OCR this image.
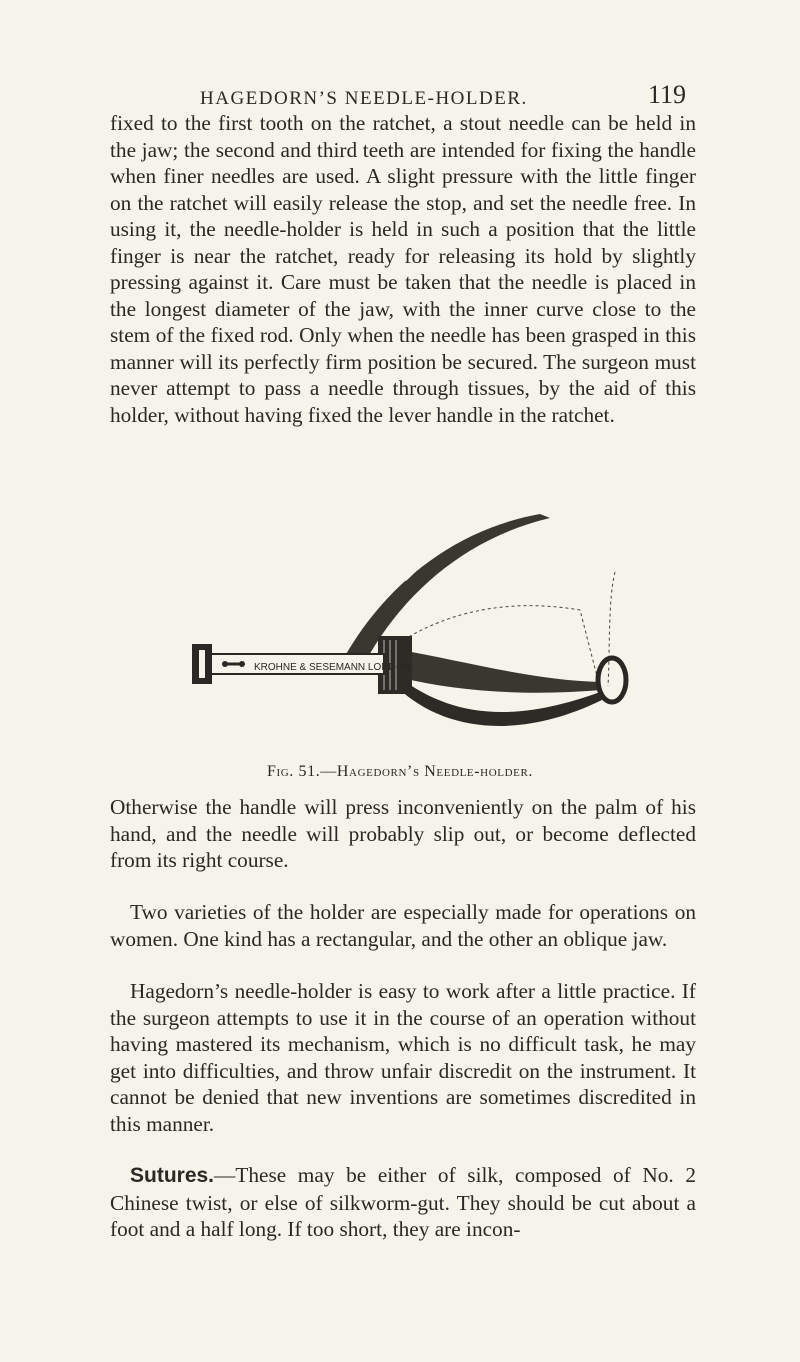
HAGEDORN’S NEEDLE-HOLDER.	119

fixed to the first tooth on the ratchet, a stout needle can be held in the jaw; the second and third teeth are intended for fixing the handle when finer needles are used. A slight pressure with the little finger on the ratchet will easily release the stop, and set the needle free. In using it, the needle-holder is held in such a position that the little finger is near the ratchet, ready for releasing its hold by slightly pressing against it. Care must be taken that the needle is placed in the longest diameter of the jaw, with the inner curve close to the stem of the fixed rod. Only when the needle has been grasped in this manner will its perfectly firm position be secured. The surgeon must never attempt to pass a needle through tissues, by the aid of this holder, without having fixed the lever handle in the ratchet.

KROHNE & SESEMANN LONDON
Fig. 51.—Hagedorn’s Needle-holder.

Otherwise the handle will press inconveniently on the palm of his hand, and the needle will probably slip out, or become deflected from its right course.

Two varieties of the holder are especially made for operations on women. One kind has a rectangular, and the other an oblique jaw.

Hagedorn’s needle-holder is easy to work after a little practice. If the surgeon attempts to use it in the course of an operation without having mastered its mechanism, which is no difficult task, he may get into difficulties, and throw unfair discredit on the instrument. It cannot be denied that new inventions are sometimes discredited in this manner.

Sutures.—These may be either of silk, composed of No. 2 Chinese twist, or else of silkworm-gut. They should be cut about a foot and a half long. If too short, they are incon-
